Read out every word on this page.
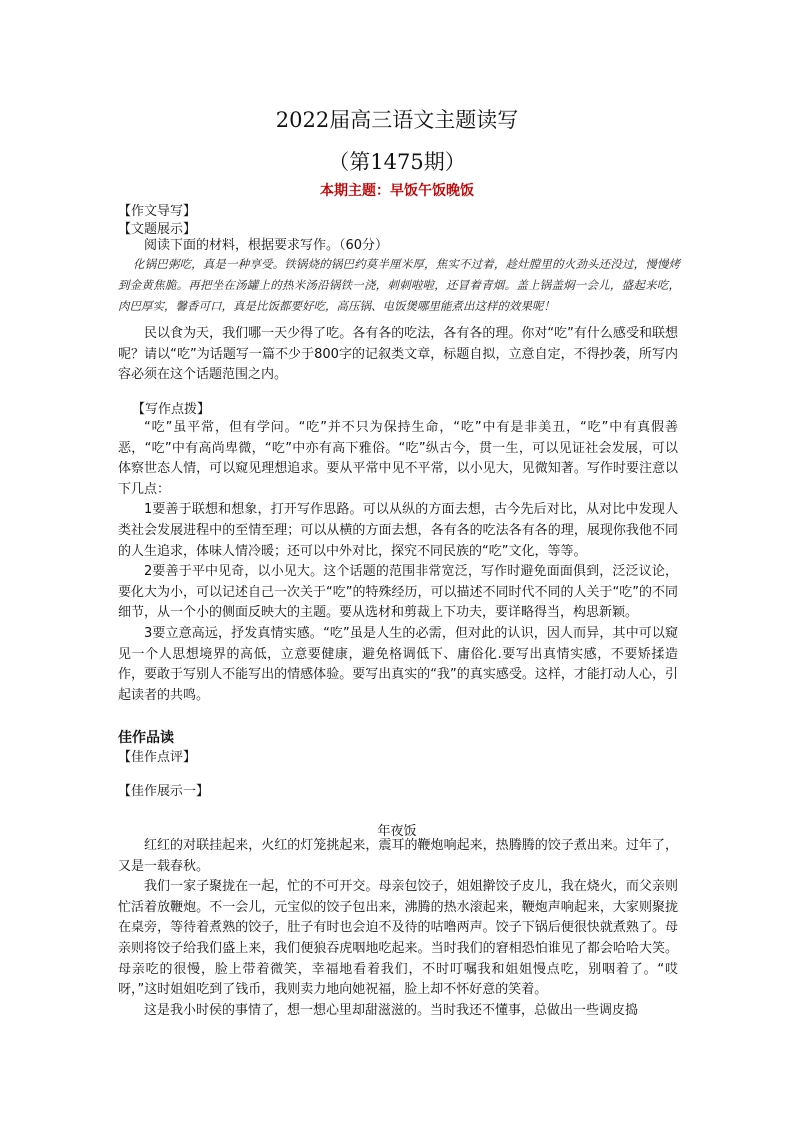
2022届高三语文主题读写
（第1475期）
本期主题：早饭午饭晚饭
【作文导写】
【文题展示】

阅读下面的材料，根据要求写作。（60分）

化锅巴粥吃，真是一种享受。铁锅烧的锅巴约莫半厘米厚，焦实不过着，趁灶膛里的火劲头还没过，慢慢烤到金黄焦脆。再把坐在汤罐上的热米汤沿锅铁一浇，刺刺啦啦，还冒着青烟。盖上锅盖焖一会儿，盛起来吃，肉巴厚实，馨香可口，真是比饭都要好吃，高压锅、电饭煲哪里能煮出这样的效果呢！

民以食为天，我们哪一天少得了吃。各有各的吃法，各有各的理。你对“吃”有什么感受和联想呢？请以“吃”为话题写一篇不少于800字的记叙类文章，标题自拟，立意自定，不得抄袭，所写内容必须在这个话题范围之内。

【写作点拨】

“吃”虽平常，但有学问。“吃”并不只为保持生命，“吃”中有是非美丑，“吃”中有真假善恶，“吃”中有高尚卑微，“吃”中亦有高下雅俗。“吃”纵古今，贯一生，可以见证社会发展，可以体察世态人情，可以窥见理想追求。要从平常中见不平常，以小见大，见微知著。写作时要注意以下几点：

1要善于联想和想象，打开写作思路。可以从纵的方面去想，古今先后对比，从对比中发现人类社会发展进程中的至情至理；可以从横的方面去想，各有各的吃法各有各的理，展现你我他不同的人生追求，体味人情冷暖；还可以中外对比，探究不同民族的“吃”文化，等等。

2要善于平中见奇，以小见大。这个话题的范围非常宽泛，写作时避免面面俱到，泛泛议论，要化大为小，可以记述自己一次关于“吃”的特殊经历，可以描述不同时代不同的人关于“吃”的不同细节，从一个小的侧面反映大的主题。要从选材和剪裁上下功夫，要详略得当，构思新颖。

3要立意高远，抒发真情实感。“吃”虽是人生的必需，但对此的认识，因人而异，其中可以窥见一个人思想境界的高低，立意要健康，避免格调低下、庸俗化.要写出真情实感，不要矫揉造作，要敢于写别人不能写出的情感体验。要写出真实的“我”的真实感受。这样，才能打动人心，引起读者的共鸣。

佳作品读
【佳作点评】
【佳作展示一】
年夜饭

红红的对联挂起来，火红的灯笼挑起来，震耳的鞭炮响起来，热腾腾的饺子煮出来。过年了，又是一载春秋。

我们一家子聚拢在一起，忙的不可开交。母亲包饺子，姐姐擀饺子皮儿，我在烧火，而父亲则忙活着放鞭炮。不一会儿，元宝似的饺子包出来，沸腾的热水滚起来，鞭炮声响起来，大家则聚拢在桌旁，等待着煮熟的饺子，肚子有时也会迫不及待的咕噜两声。饺子下锅后便很快就煮熟了。母亲则将饺子给我们盛上来，我们便狼吞虎咽地吃起来。当时我们的窘相恐怕谁见了都会哈哈大笑。母亲吃的很慢，脸上带着微笑，幸福地看着我们，不时叮嘱我和姐姐慢点吃，别咽着了。“哎呀，”这时姐姐吃到了钱币，我则卖力地向她祝福，脸上却不怀好意的笑着。

这是我小时侯的事情了，想一想心里却甜滋滋的。当时我还不懂事，总做出一些调皮捣
